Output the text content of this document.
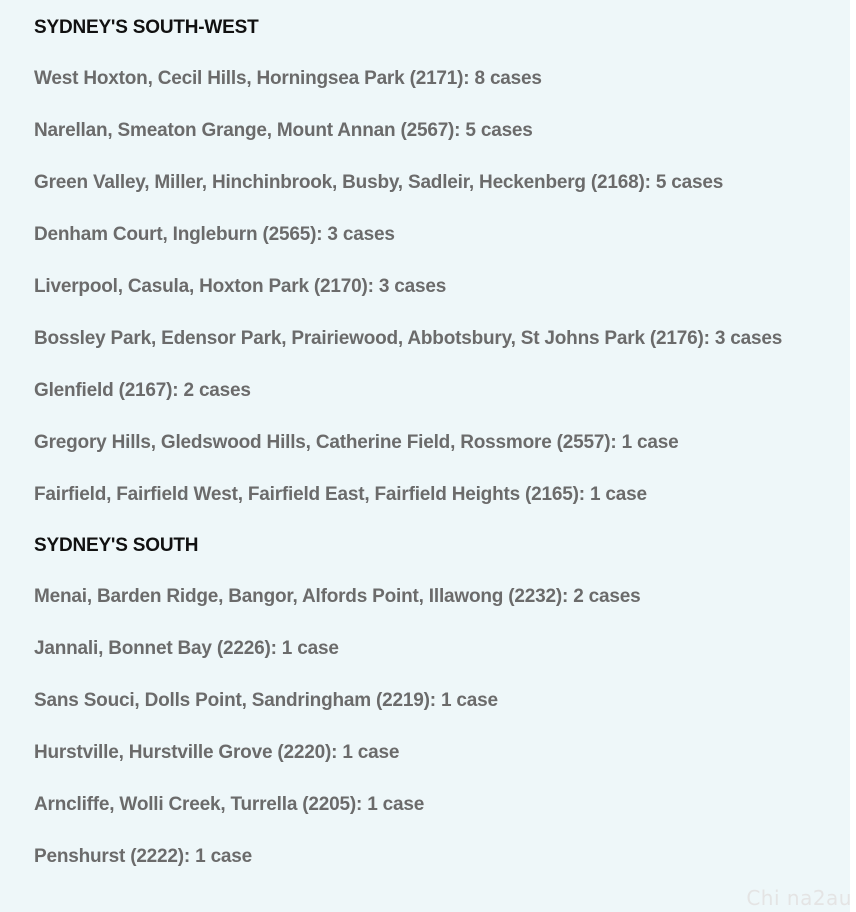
SYDNEY'S SOUTH-WEST

West Hoxton, Cecil Hills, Horningsea Park (2171): 8 cases

Narellan, Smeaton Grange, Mount Annan (2567): 5 cases

Green Valley, Miller, Hinchinbrook, Busby, Sadleir, Heckenberg (2168): 5 cases

Denham Court, Ingleburn (2565): 3 cases

Liverpool, Casula, Hoxton Park (2170): 3 cases

Bossley Park, Edensor Park, Prairiewood, Abbotsbury, St Johns Park (2176): 3 cases

Glenfield (2167): 2 cases

Gregory Hills, Gledswood Hills, Catherine Field, Rossmore (2557): 1 case

Fairfield, Fairfield West, Fairfield East, Fairfield Heights (2165): 1 case

SYDNEY'S SOUTH

Menai, Barden Ridge, Bangor, Alfords Point, Illawong (2232): 2 cases

Jannali, Bonnet Bay (2226): 1 case

Sans Souci, Dolls Point, Sandringham (2219): 1 case

Hurstville, Hurstville Grove (2220): 1 case

Arncliffe, Wolli Creek, Turrella (2205): 1 case

Penshurst (2222): 1 case

Chi na2au
